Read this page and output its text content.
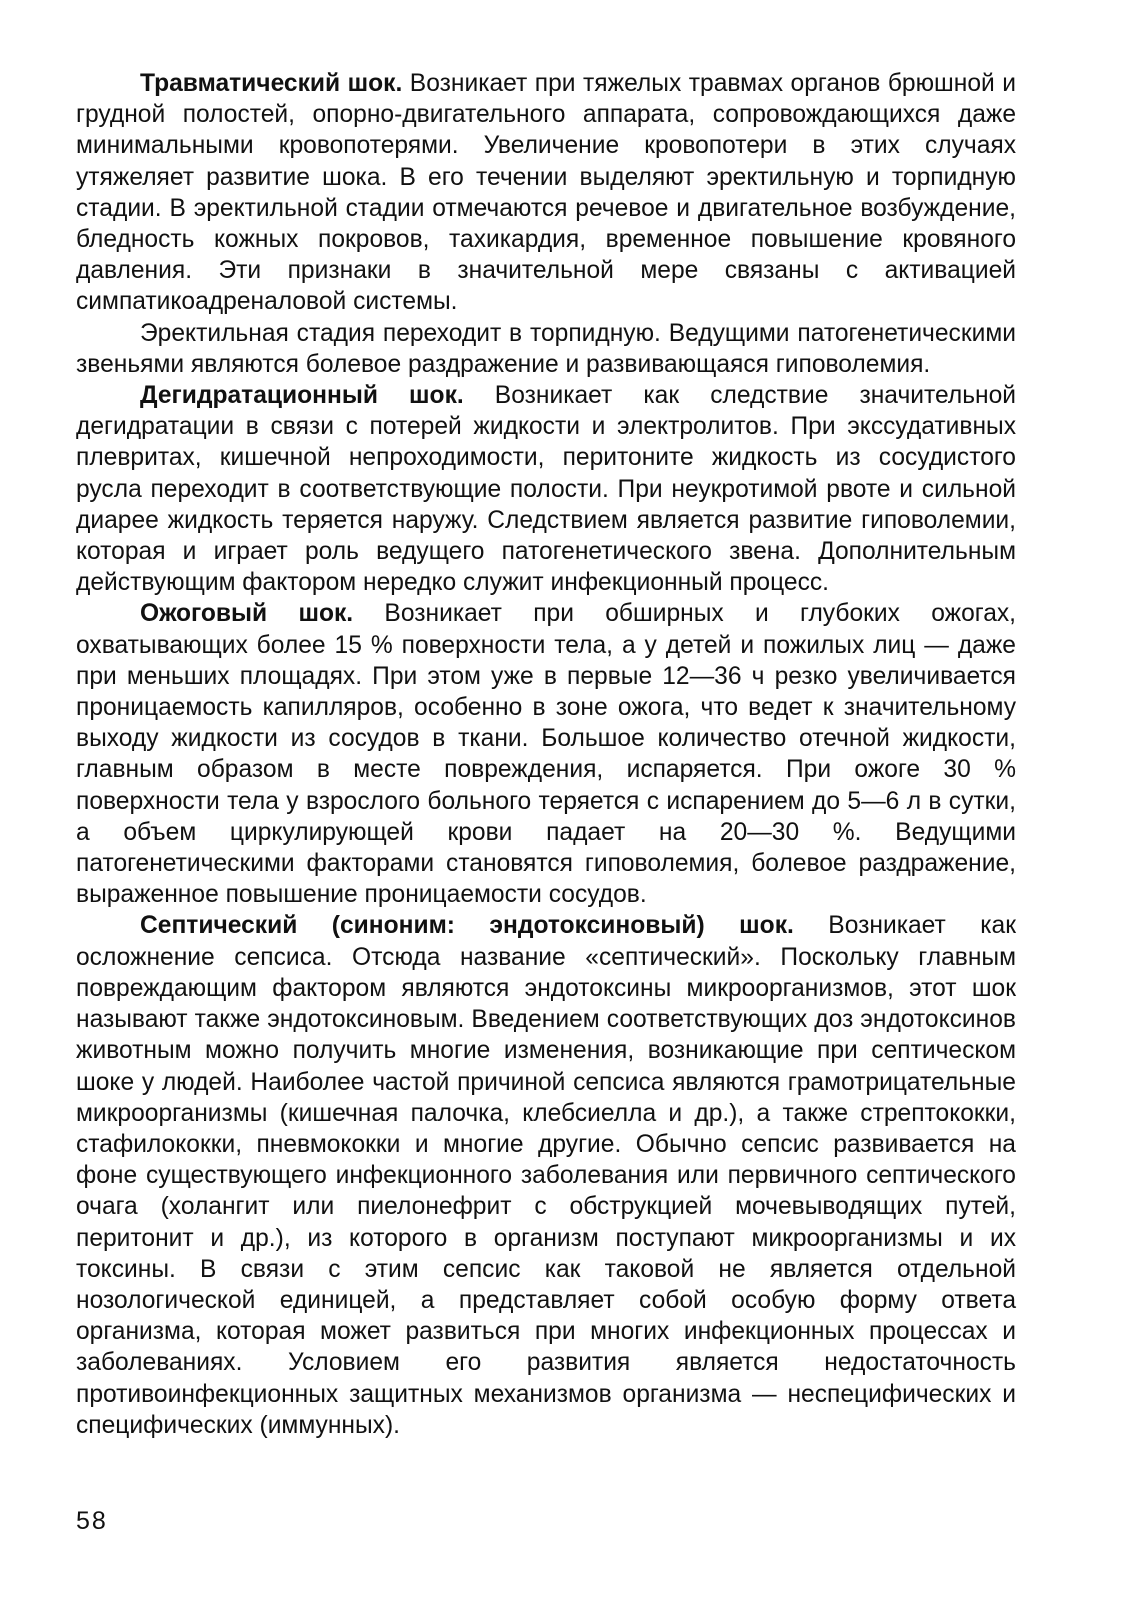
Травматический шок. Возникает при тяжелых травмах органов брюшной и грудной полостей, опорно-двигательного аппарата, сопровождающихся даже минимальными кровопотерями. Увеличение кровопотери в этих случаях утяжеляет развитие шока. В его течении выделяют эректильную и торпидную стадии. В эректильной стадии отмечаются речевое и двигательное возбуждение, бледность кожных покровов, тахикардия, временное повышение кровяного давления. Эти признаки в значительной мере связаны с активацией симпатикоадреналовой системы.

Эректильная стадия переходит в торпидную. Ведущими патогенетическими звеньями являются болевое раздражение и развивающаяся гиповолемия.

Дегидратационный шок. Возникает как следствие значительной дегидратации в связи с потерей жидкости и электролитов. При экссудативных плевритах, кишечной непроходимости, перитоните жидкость из сосудистого русла переходит в соответствующие полости. При неукротимой рвоте и сильной диарее жидкость теряется наружу. Следствием является развитие гиповолемии, которая и играет роль ведущего патогенетического звена. Дополнительным действующим фактором нередко служит инфекционный процесс.

Ожоговый шок. Возникает при обширных и глубоких ожогах, охватывающих более 15 % поверхности тела, а у детей и пожилых лиц — даже при меньших площадях. При этом уже в первые 12—36 ч резко увеличивается проницаемость капилляров, особенно в зоне ожога, что ведет к значительному выходу жидкости из сосудов в ткани. Большое количество отечной жидкости, главным образом в месте повреждения, испаряется. При ожоге 30 % поверхности тела у взрослого больного теряется с испарением до 5—6 л в сутки, а объем циркулирующей крови падает на 20—30 %. Ведущими патогенетическими факторами становятся гиповолемия, болевое раздражение, выраженное повышение проницаемости сосудов.

Септический (синоним: эндотоксиновый) шок. Возникает как осложнение сепсиса. Отсюда название «септический». Поскольку главным повреждающим фактором являются эндотоксины микроорганизмов, этот шок называют также эндотоксиновым. Введением соответствующих доз эндотоксинов животным можно получить многие изменения, возникающие при септическом шоке у людей. Наиболее частой причиной сепсиса являются грамотрицательные микроорганизмы (кишечная палочка, клебсиелла и др.), а также стрептококки, стафилококки, пневмококки и многие другие. Обычно сепсис развивается на фоне существующего инфекционного заболевания или первичного септического очага (холангит или пиелонефрит с обструкцией мочевыводящих путей, перитонит и др.), из которого в организм поступают микроорганизмы и их токсины. В связи с этим сепсис как таковой не является отдельной нозологической единицей, а представляет собой особую форму ответа организма, которая может развиться при многих инфекционных процессах и заболеваниях. Условием его развития является недостаточность противоинфекционных защитных механизмов организма — неспецифических и специфических (иммунных).

58
